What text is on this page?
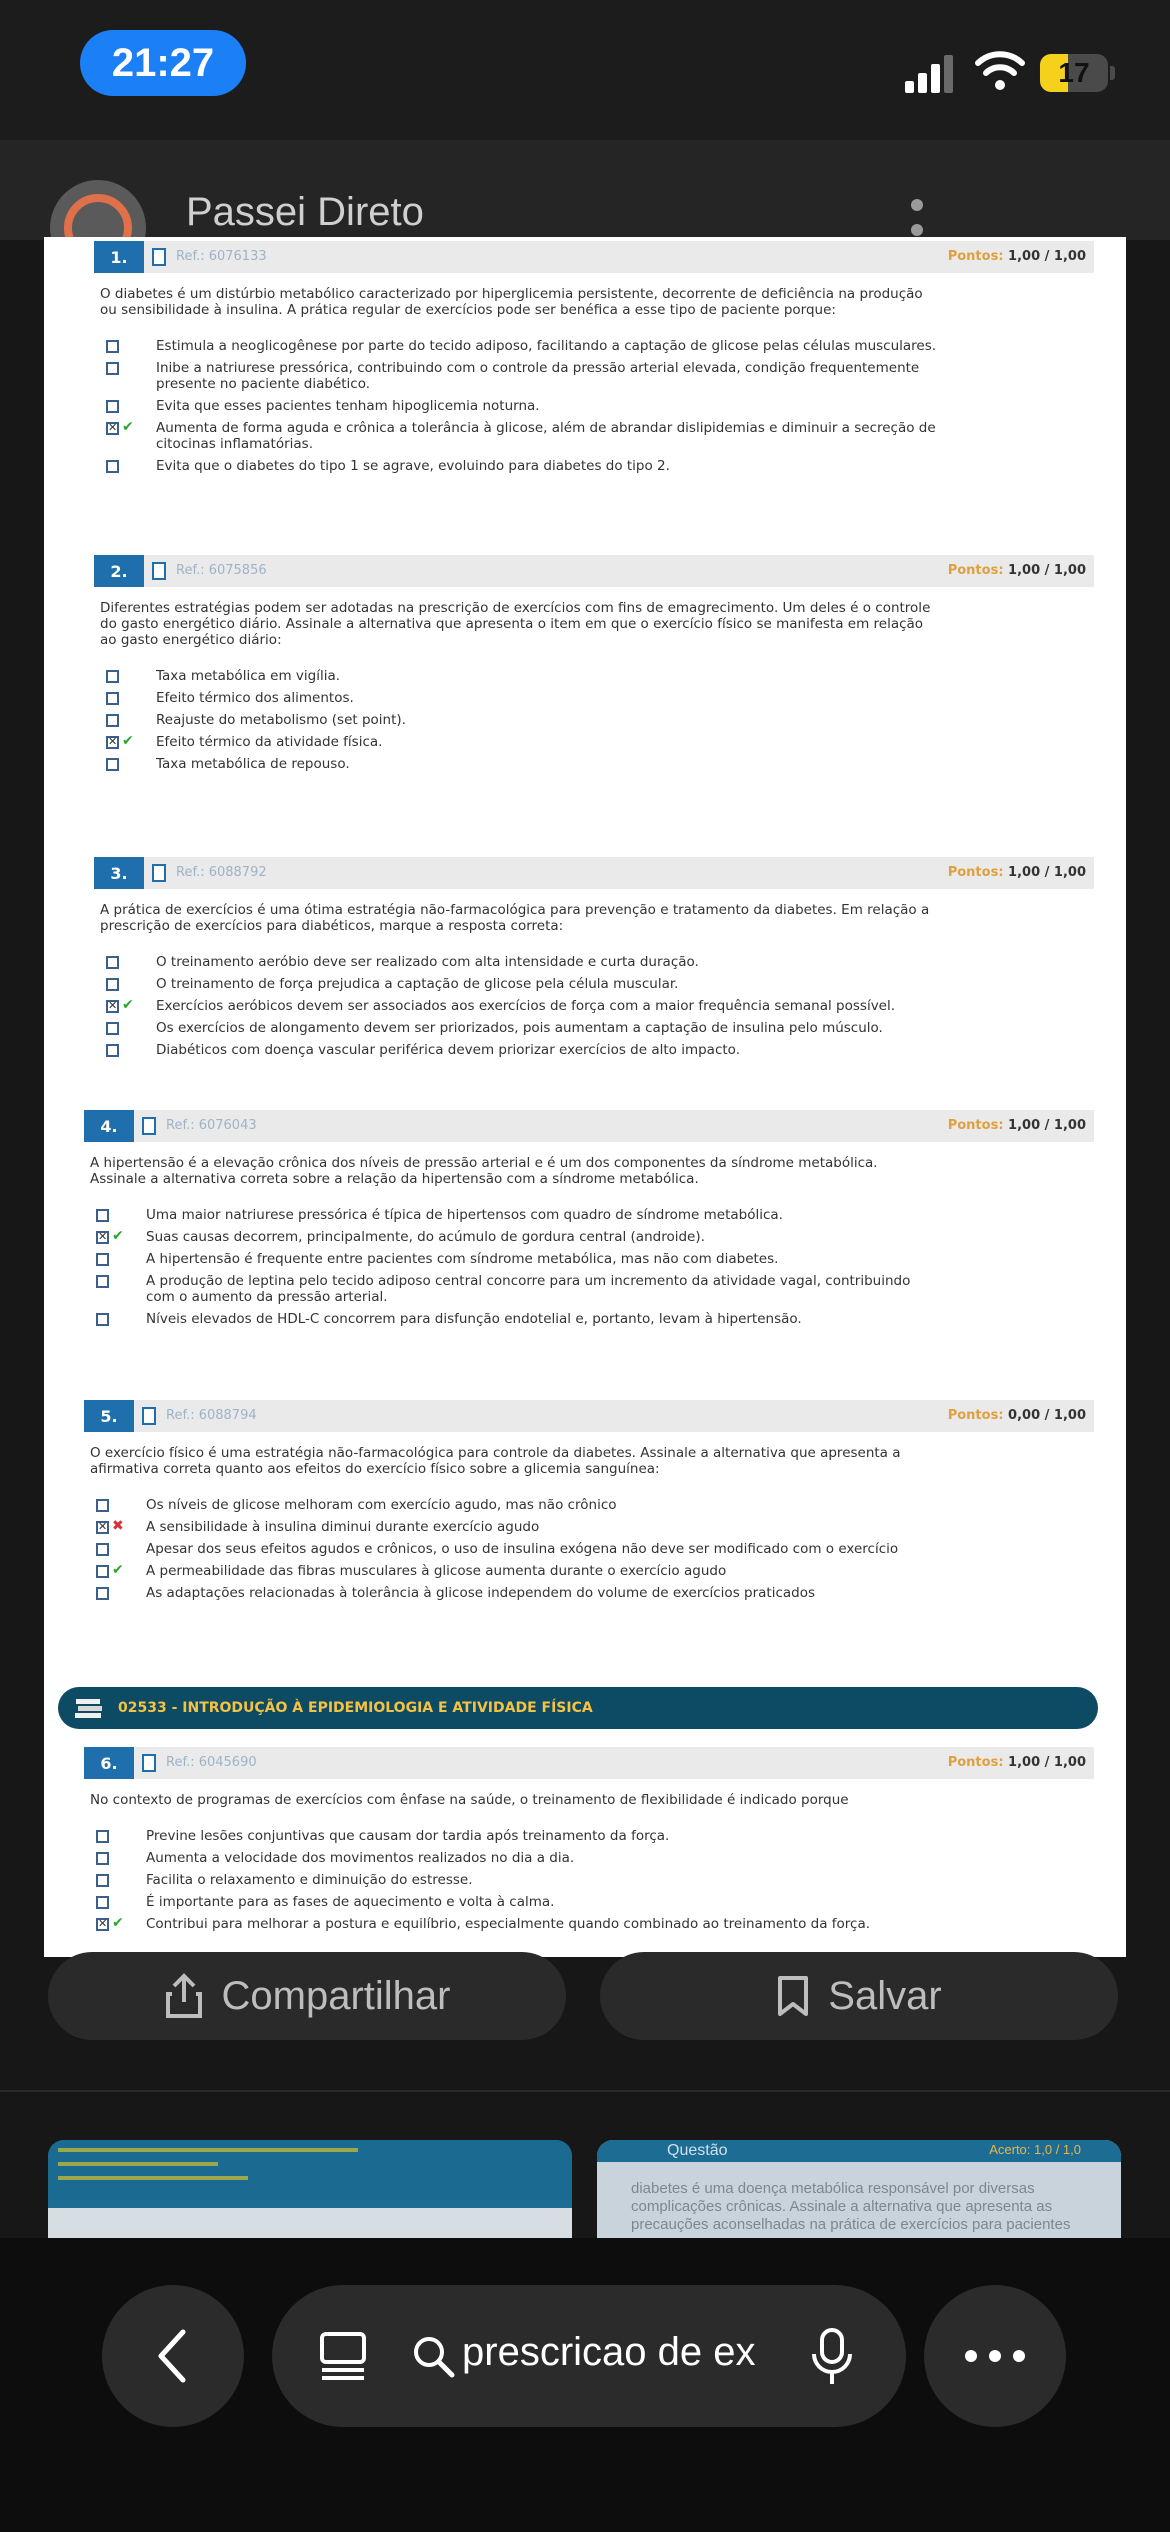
21:27	17
Passei Direto
1.	Ref.: 6076133	Pontos: 1,00 / 1,00
O diabetes é um distúrbio metabólico caracterizado por hiperglicemia persistente, decorrente de deficiência na produção
ou sensibilidade à insulina. A prática regular de exercícios pode ser benéfica a esse tipo de paciente porque:
Estimula a neoglicogênese por parte do tecido adiposo, facilitando a captação de glicose pelas células musculares.
Inibe a natriurese pressórica, contribuindo com o controle da pressão arterial elevada, condição frequentemente
presente no paciente diabético.
Evita que esses pacientes tenham hipoglicemia noturna.
✕
✔ Aumenta de forma aguda e crônica a tolerância à glicose, além de abrandar dislipidemias e diminuir a secreção de
citocinas inflamatórias.
Evita que o diabetes do tipo 1 se agrave, evoluindo para diabetes do tipo 2.
2.	Ref.: 6075856	Pontos: 1,00 / 1,00
Diferentes estratégias podem ser adotadas na prescrição de exercícios com fins de emagrecimento. Um deles é o controle
do gasto energético diário. Assinale a alternativa que apresenta o item em que o exercício físico se manifesta em relação
ao gasto energético diário:
Taxa metabólica em vigília.
Efeito térmico dos alimentos.
Reajuste do metabolismo (set point).
✕
✔ Efeito térmico da atividade física.
Taxa metabólica de repouso.
3.	Ref.: 6088792	Pontos: 1,00 / 1,00
A prática de exercícios é uma ótima estratégia não-farmacológica para prevenção e tratamento da diabetes. Em relação a
prescrição de exercícios para diabéticos, marque a resposta correta:
O treinamento aeróbio deve ser realizado com alta intensidade e curta duração.
O treinamento de força prejudica a captação de glicose pela célula muscular.
✕
✔ Exercícios aeróbicos devem ser associados aos exercícios de força com a maior frequência semanal possível.
Os exercícios de alongamento devem ser priorizados, pois aumentam a captação de insulina pelo músculo.
Diabéticos com doença vascular periférica devem priorizar exercícios de alto impacto.
4.	Ref.: 6076043	Pontos: 1,00 / 1,00
A hipertensão é a elevação crônica dos níveis de pressão arterial e é um dos componentes da síndrome metabólica.
Assinale a alternativa correta sobre a relação da hipertensão com a síndrome metabólica.
Uma maior natriurese pressórica é típica de hipertensos com quadro de síndrome metabólica.
✕
✔ Suas causas decorrem, principalmente, do acúmulo de gordura central (androide).
A hipertensão é frequente entre pacientes com síndrome metabólica, mas não com diabetes.
A produção de leptina pelo tecido adiposo central concorre para um incremento da atividade vagal, contribuindo
com o aumento da pressão arterial.
Níveis elevados de HDL-C concorrem para disfunção endotelial e, portanto, levam à hipertensão.
5.	Ref.: 6088794	Pontos: 0,00 / 1,00
O exercício físico é uma estratégia não-farmacológica para controle da diabetes. Assinale a alternativa que apresenta a
afirmativa correta quanto aos efeitos do exercício físico sobre a glicemia sanguínea:
Os níveis de glicose melhoram com exercício agudo, mas não crônico
✕
✖ A sensibilidade à insulina diminui durante exercício agudo
Apesar dos seus efeitos agudos e crônicos, o uso de insulina exógena não deve ser modificado com o exercício
✔ A permeabilidade das fibras musculares à glicose aumenta durante o exercício agudo
As adaptações relacionadas à tolerância à glicose independem do volume de exercícios praticados
02533 - INTRODUÇÃO À EPIDEMIOLOGIA E ATIVIDADE FÍSICA
6.	Ref.: 6045690	Pontos: 1,00 / 1,00
No contexto de programas de exercícios com ênfase na saúde, o treinamento de flexibilidade é indicado porque
Previne lesões conjuntivas que causam dor tardia após treinamento da força.
Aumenta a velocidade dos movimentos realizados no dia a dia.
Facilita o relaxamento e diminuição do estresse.
É importante para as fases de aquecimento e volta à calma.
✕
✔ Contribui para melhorar a postura e equilíbrio, especialmente quando combinado ao treinamento da força.
Compartilhar	Salvar
Questão	Acerto: 1,0 / 1,0
diabetes é uma doença metabólica responsável por diversas
complicações crônicas. Assinale a alternativa que apresenta as
precauções aconselhadas na prática de exercícios para pacientes
prescricao de ex
